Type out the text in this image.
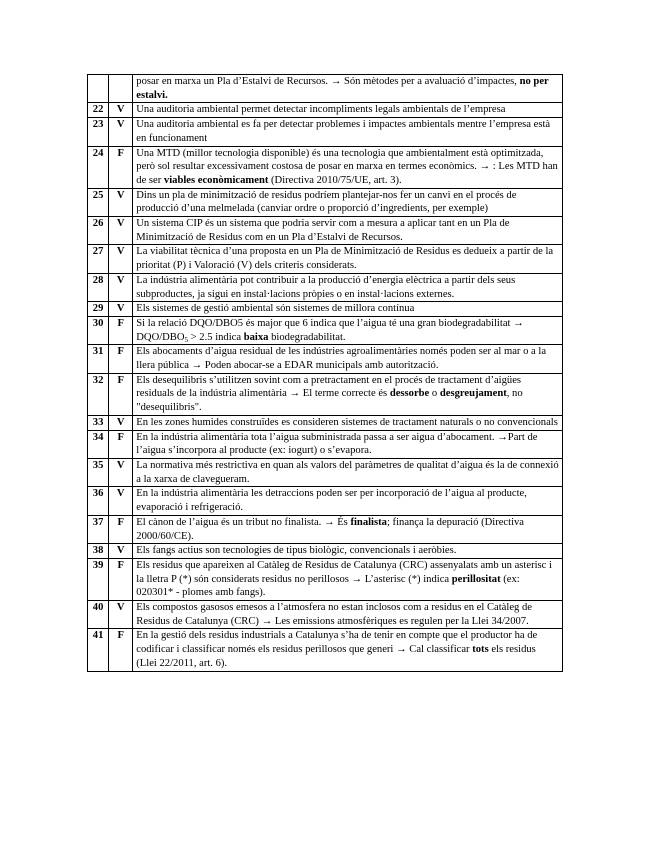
		posar en marxa un Pla d’Estalvi de Recursos. → Són mètodes per a avaluació d’impactes, no per estalvi.
22	V	Una auditoria ambiental permet detectar incompliments legals ambientals de l’empresa
23	V	Una auditoria ambiental es fa per detectar problemes i impactes ambientals mentre l’empresa està en funcionament
24	F	Una MTD (millor tecnologia disponible) és una tecnologia que ambientalment està optimitzada, però sol resultar excessivament costosa de posar en marxa en termes econòmics. → : Les MTD han de ser viables econòmicament (Directiva 2010/75/UE, art. 3).
25	V	Dins un pla de minimització de residus podríem plantejar-nos fer un canvi en el procés de producció d’una melmelada (canviar ordre o proporció d’ingredients, per exemple)
26	V	Un sistema CIP és un sistema que podria servir com a mesura a aplicar tant en un Pla de Minimització de Residus com en un Pla d’Estalvi de Recursos.
27	V	La viabilitat tècnica d’una proposta en un Pla de Minimització de Residus es dedueix a partir de la prioritat (P) i Valoració (V) dels criteris considerats.
28	V	La indústria alimentària pot contribuir a la producció d’energia elèctrica a partir dels seus subproductes, ja sigui en instal·lacions pròpies o en instal·lacions externes.
29	V	Els sistemes de gestió ambiental són sistemes de millora contínua
30	F	Si la relació DQO/DBO5 és major que 6 indica que l’aigua té una gran biodegradabilitat → DQO/$DBO_5 > 2.5$ indica baixa biodegradabilitat.
31	F	Els abocaments d’aigua residual de les indústries agroalimentàries només poden ser al mar o a la llera pública → Poden abocar-se a EDAR municipals amb autorització.
32	F	Els desequilibris s’utilitzen sovint com a pretractament en el procés de tractament d’aigües residuals de la indústria alimentària → El terme correcte és dessorbe o desgreujament, no "desequilibris".
33	V	En les zones humides construïdes es consideren sistemes de tractament naturals o no convencionals
34	F	En la indústria alimentària tota l’aigua subministrada passa a ser aigua d’abocament. →Part de l’aigua s’incorpora al producte (ex: iogurt) o s’evapora.
35	V	La normativa més restrictiva en quan als valors del paràmetres de qualitat d’aigua és la de connexió a la xarxa de clavegueram.
36	V	En la indústria alimentària les detraccions poden ser per incorporació de l’aigua al producte, evaporació i refrigeració.
37	F	El cànon de l’aigua és un tribut no finalista. → És finalista; finança la depuració (Directiva 2000/60/CE).
38	V	Els fangs actius son tecnologies de tipus biològic, convencionals i aeròbies.
39	F	Els residus que apareixen al Catàleg de Residus de Catalunya (CRC) assenyalats amb un asterisc i la lletra P (*) són considerats residus no perillosos → L’asterisc (*) indica perillositat (ex: 020301* - plomes amb fangs).
40	V	Els compostos gasosos emesos a l’atmosfera no estan inclosos com a residus en el Catàleg de Residus de Catalunya (CRC) → Les emissions atmosfèriques es regulen per la Llei 34/2007.
41	F	En la gestió dels residus industrials a Catalunya s’ha de tenir en compte que el productor ha de codificar i classificar només els residus perillosos que generi → Cal classificar tots els residus (Llei 22/2011, art. 6).
